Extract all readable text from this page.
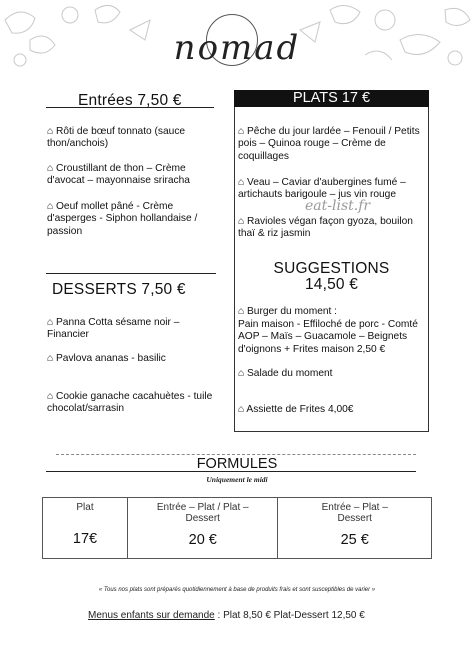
nomad
Entrées 7,50 €
⌂ Rôti de bœuf tonnato (sauce thon/anchois)
⌂ Croustillant de thon – Crème d'avocat – mayonnaise sriracha
⌂ Oeuf mollet pâné - Crème d'asperges - Siphon hollandaise / passion
DESSERTS 7,50 €
⌂ Panna Cotta sésame noir – Financier
⌂ Pavlova ananas - basilic
⌂ Cookie ganache cacahuètes - tuile chocolat/sarrasin
PLATS 17 €
⌂ Pêche du jour lardée – Fenouil / Petits pois – Quinoa rouge – Crème de coquillages
⌂ Veau – Caviar d'aubergines fumé – artichauts barigoule – jus vin rouge
eat-list.fr
⌂ Ravioles végan façon gyoza, bouilon thaï & riz jasmin
SUGGESTIONS
14,50 €
⌂ Burger du moment :
Pain maison - Effiloché de porc - Comté AOP – Maïs – Guacamole – Beignets d'oignons + Frites maison 2,50 €
⌂ Salade du moment
⌂ Assiette de Frites 4,00€
FORMULES
Uniquement le midi
Plat
17€

Entrée – Plat / Plat – Dessert
20 €

Entrée – Plat – Dessert
25 €
« Tous nos plats sont préparés quotidiennement à base de produits frais et sont susceptibles de varier »
Menus enfants sur demande : Plat 8,50 € Plat-Dessert 12,50 €
